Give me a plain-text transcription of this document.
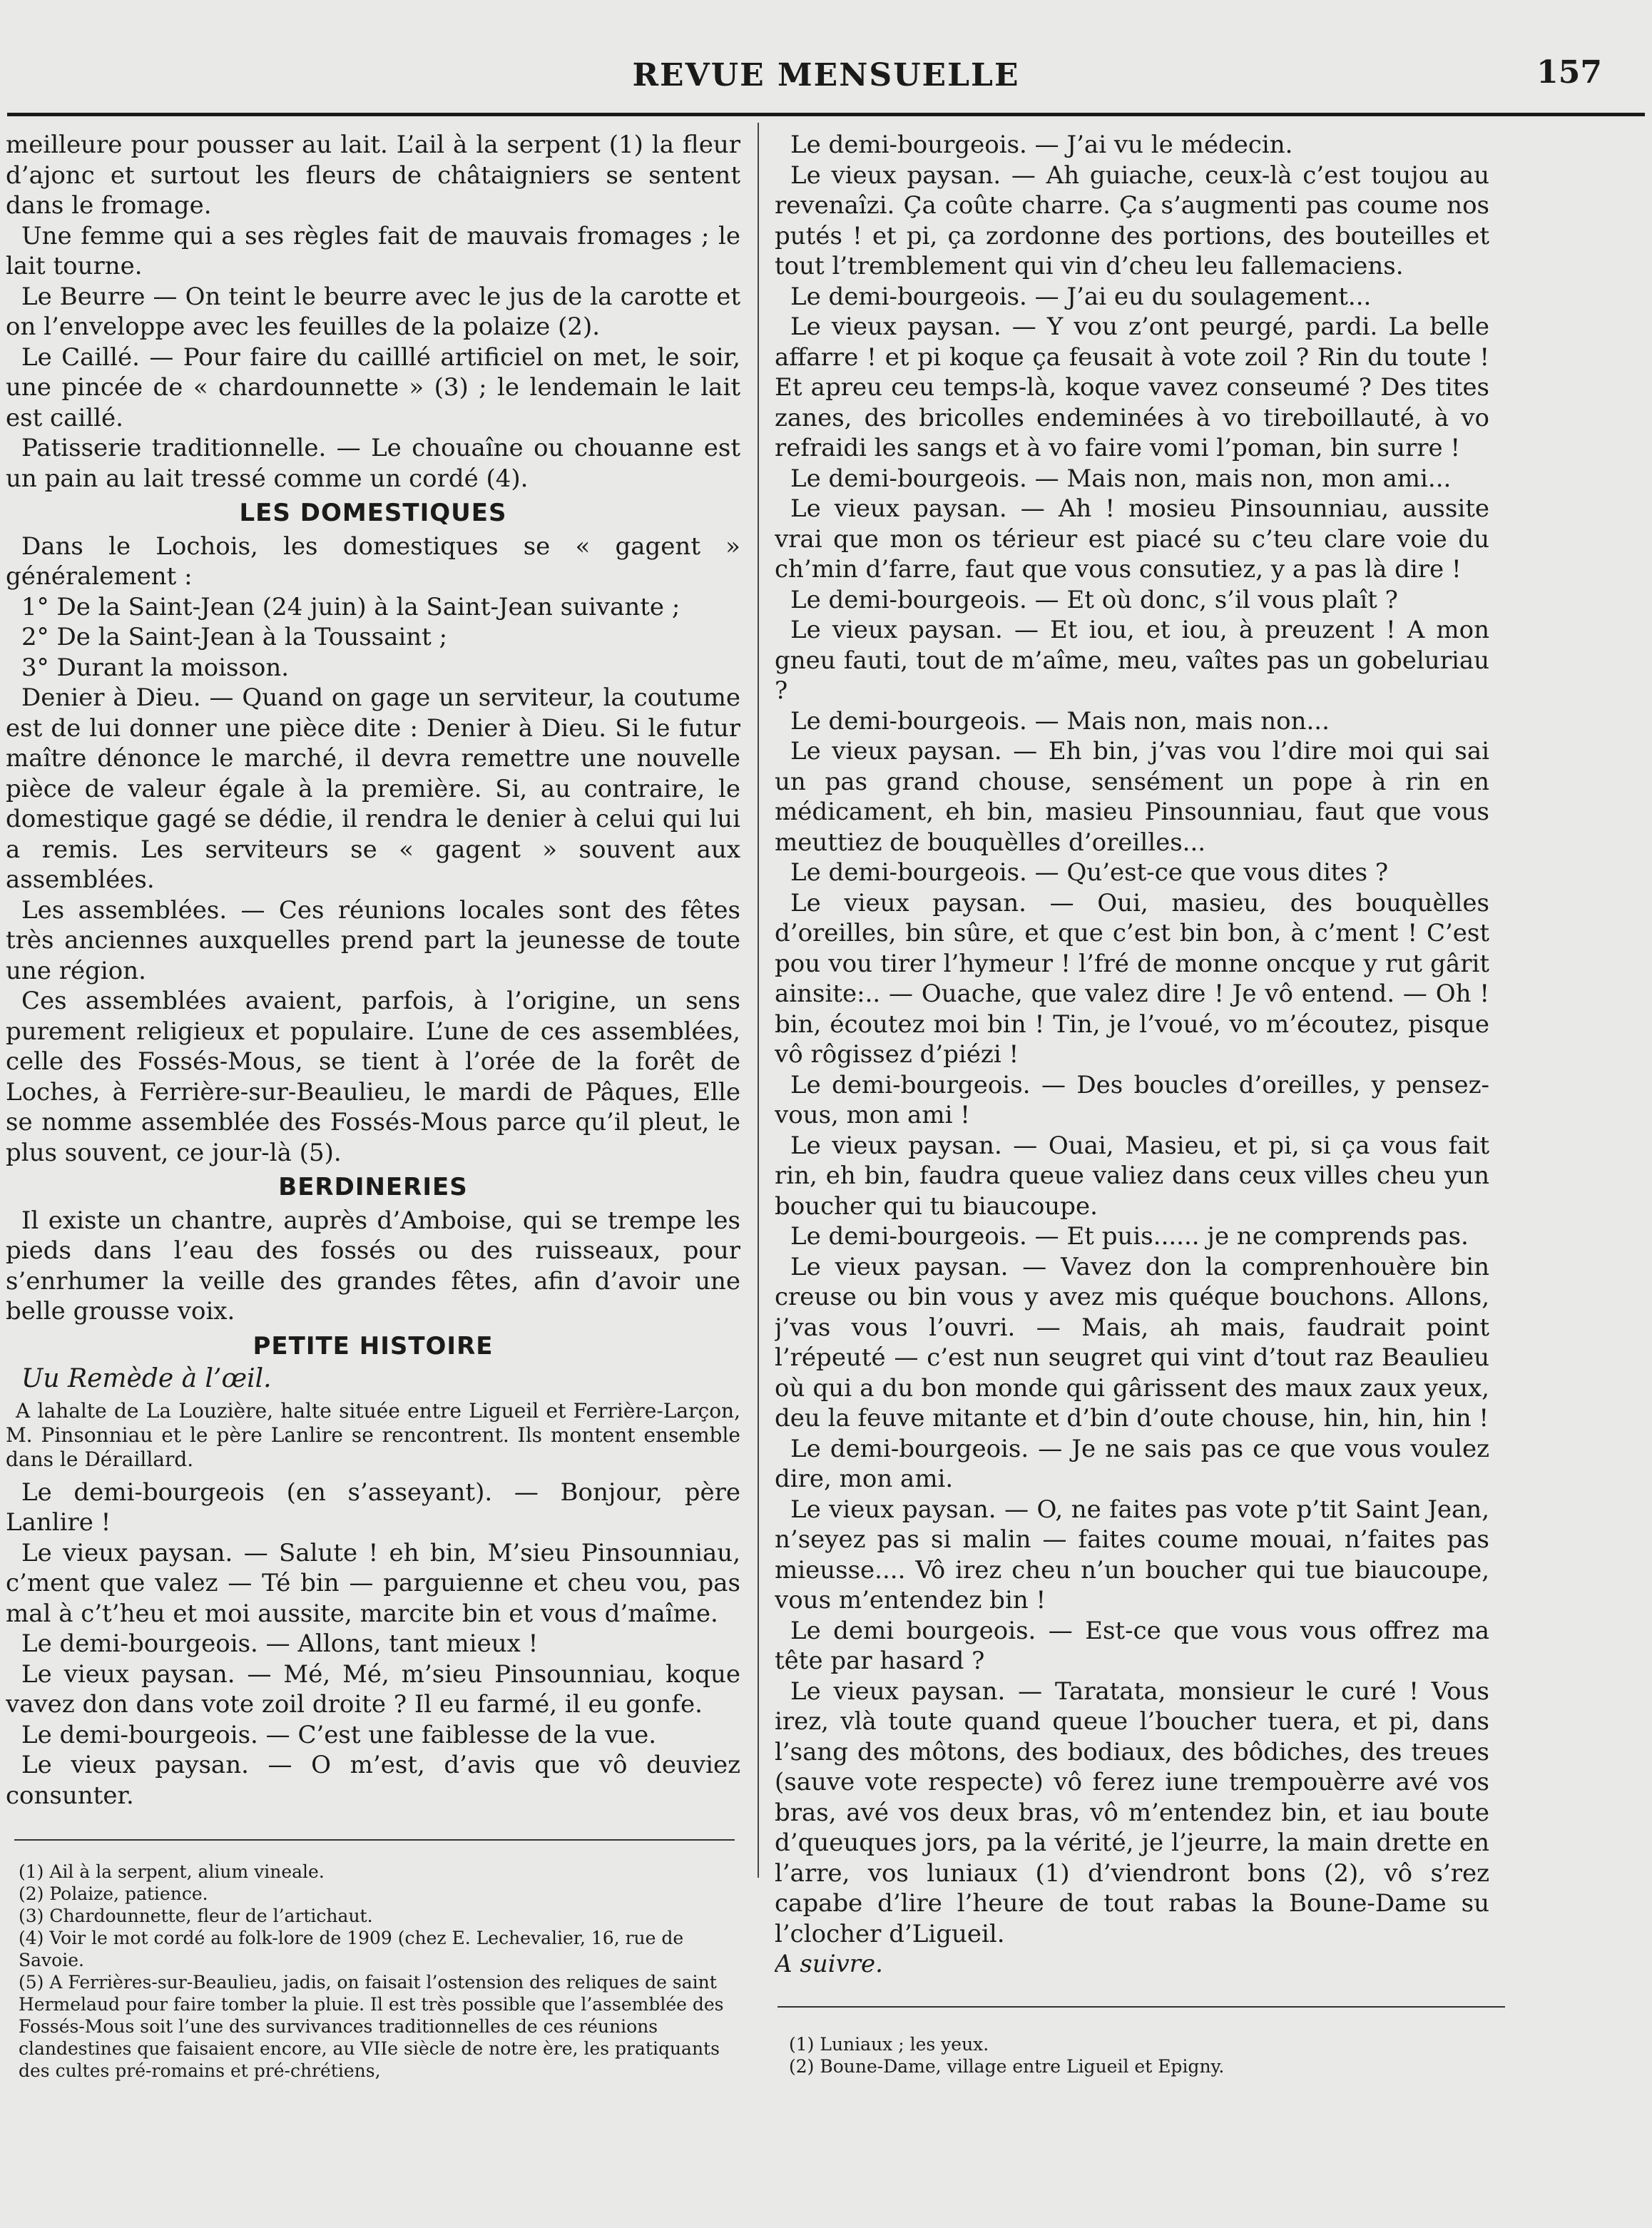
REVUE MENSUELLE	157

meilleure pour pousser au lait. L’ail à la serpent (1) la fleur d’ajonc et surtout les fleurs de châtaigniers se sentent dans le fromage.

Une femme qui a ses règles fait de mauvais fromages ; le lait tourne.

Le Beurre — On teint le beurre avec le jus de la carotte et on l’enveloppe avec les feuilles de la polaize (2).

Le Caillé. — Pour faire du cailllé artificiel on met, le soir, une pincée de « chardounnette » (3) ; le lendemain le lait est caillé.

Patisserie traditionnelle. — Le chouaîne ou chouanne est un pain au lait tressé comme un cordé (4).

LES DOMESTIQUES

Dans le Lochois, les domestiques se « gagent » généralement :

1° De la Saint-Jean (24 juin) à la Saint-Jean suivante ;

2° De la Saint-Jean à la Toussaint ;

3° Durant la moisson.

Denier à Dieu. — Quand on gage un serviteur, la coutume est de lui donner une pièce dite : Denier à Dieu. Si le futur maître dénonce le marché, il devra remettre une nouvelle pièce de valeur égale à la première. Si, au contraire, le domestique gagé se dédie, il rendra le denier à celui qui lui a remis. Les serviteurs se « gagent » souvent aux assemblées.

Les assemblées. — Ces réunions locales sont des fêtes très anciennes auxquelles prend part la jeunesse de toute une région.

Ces assemblées avaient, parfois, à l’origine, un sens purement religieux et populaire. L’une de ces assemblées, celle des Fossés-Mous, se tient à l’orée de la forêt de Loches, à Ferrière-sur-Beaulieu, le mardi de Pâques, Elle se nomme assemblée des Fossés-Mous parce qu’il pleut, le plus souvent, ce jour-là (5).

BERDINERIES

Il existe un chantre, auprès d’Amboise, qui se trempe les pieds dans l’eau des fossés ou des ruisseaux, pour s’enrhumer la veille des grandes fêtes, afin d’avoir une belle grousse voix.

PETITE HISTOIRE
Uu Remède à l’œil.

A lahalte de La Louzière, halte située entre Ligueil et Ferrière-Larçon, M. Pinsonniau et le père Lanlire se rencontrent. Ils montent ensemble dans le Déraillard.

Le demi-bourgeois (en s’asseyant). — Bonjour, père Lanlire !

Le vieux paysan. — Salute ! eh bin, M’sieu Pinsounniau, c’ment que valez — Té bin — parguienne et cheu vou, pas mal à c’t’heu et moi aussite, marcite bin et vous d’maîme.

Le demi-bourgeois. — Allons, tant mieux !

Le vieux paysan. — Mé, Mé, m’sieu Pinsounniau, koque vavez don dans vote zoil droite ? Il eu farmé, il eu gonfe.

Le demi-bourgeois. — C’est une faiblesse de la vue.

Le vieux paysan. — O m’est, d’avis que vô deuviez consunter.

Le demi-bourgeois. — J’ai vu le médecin.

Le vieux paysan. — Ah guiache, ceux-là c’est toujou au revenaîzi. Ça coûte charre. Ça s’augmenti pas coume nos putés ! et pi, ça zordonne des portions, des bouteilles et tout l’tremblement qui vin d’cheu leu fallemaciens.

Le demi-bourgeois. — J’ai eu du soulagement...

Le vieux paysan. — Y vou z’ont peurgé, pardi. La belle affarre ! et pi koque ça feusait à vote zoil ? Rin du toute ! Et apreu ceu temps-là, koque vavez conseumé ? Des tites zanes, des bricolles endeminées à vo tireboillauté, à vo refraidi les sangs et à vo faire vomi l’poman, bin surre !

Le demi-bourgeois. — Mais non, mais non, mon ami...

Le vieux paysan. — Ah ! mosieu Pinsounniau, aussite vrai que mon os térieur est piacé su c’teu clare voie du ch’min d’farre, faut que vous consutiez, y a pas là dire !

Le demi-bourgeois. — Et où donc, s’il vous plaît ?

Le vieux paysan. — Et iou, et iou, à preuzent ! A mon gneu fauti, tout de m’aîme, meu, vaîtes pas un gobeluriau ?

Le demi-bourgeois. — Mais non, mais non...

Le vieux paysan. — Eh bin, j’vas vou l’dire moi qui sai un pas grand chouse, sensément un pope à rin en médicament, eh bin, masieu Pinsounniau, faut que vous meuttiez de bouquèlles d’oreilles...

Le demi-bourgeois. — Qu’est-ce que vous dites ?

Le vieux paysan. — Oui, masieu, des bouquèlles d’oreilles, bin sûre, et que c’est bin bon, à c’ment ! C’est pou vou tirer l’hymeur ! l’fré de monne oncque y rut gârit ainsite:.. — Ouache, que valez dire ! Je vô entend. — Oh ! bin, écoutez moi bin ! Tin, je l’voué, vo m’écoutez, pisque vô rôgissez d’piézi !

Le demi-bourgeois. — Des boucles d’oreilles, y pensez-vous, mon ami !

Le vieux paysan. — Ouai, Masieu, et pi, si ça vous fait rin, eh bin, faudra queue valiez dans ceux villes cheu yun boucher qui tu biaucoupe.

Le demi-bourgeois. — Et puis...... je ne comprends pas.

Le vieux paysan. — Vavez don la comprenhouère bin creuse ou bin vous y avez mis quéque bouchons. Allons, j’vas vous l’ouvri. — Mais, ah mais, faudrait point l’répeuté — c’est nun seugret qui vint d’tout raz Beaulieu où qui a du bon monde qui gârissent des maux zaux yeux, deu la feuve mitante et d’bin d’oute chouse, hin, hin, hin !

Le demi-bourgeois. — Je ne sais pas ce que vous voulez dire, mon ami.

Le vieux paysan. — O, ne faites pas vote p’tit Saint Jean, n’seyez pas si malin — faites coume mouai, n’faites pas mieusse.... Vô irez cheu n’un boucher qui tue biaucoupe, vous m’entendez bin !

Le demi bourgeois. — Est-ce que vous vous offrez ma tête par hasard ?

Le vieux paysan. — Taratata, monsieur le curé ! Vous irez, vlà toute quand queue l’boucher tuera, et pi, dans l’sang des môtons, des bodiaux, des bôdiches, des treues (sauve vote respecte) vô ferez iune trempouèrre avé vos bras, avé vos deux bras, vô m’entendez bin, et iau boute d’queuques jors, pa la vérité, je l’jeurre, la main drette en l’arre, vos luniaux (1) d’viendront bons (2), vô s’rez capabe d’lire l’heure de tout rabas la Boune-Dame su l’clocher d’Ligueil.

A suivre.

(1) Ail à la serpent, alium vineale.
(2) Polaize, patience.
(3) Chardounnette, fleur de l’artichaut.
(4) Voir le mot cordé au folk-lore de 1909 (chez E. Lechevalier, 16, rue de Savoie.
(5) A Ferrières-sur-Beaulieu, jadis, on faisait l’ostension des reliques de saint Hermelaud pour faire tomber la pluie. Il est très possible que l’assemblée des Fossés-Mous soit l’une des survivances traditionnelles de ces réunions clandestines que faisaient encore, au VIIe siècle de notre ère, les pratiquants des cultes pré-romains et pré-chrétiens,
(1) Luniaux ; les yeux.
(2) Boune-Dame, village entre Ligueil et Epigny.
